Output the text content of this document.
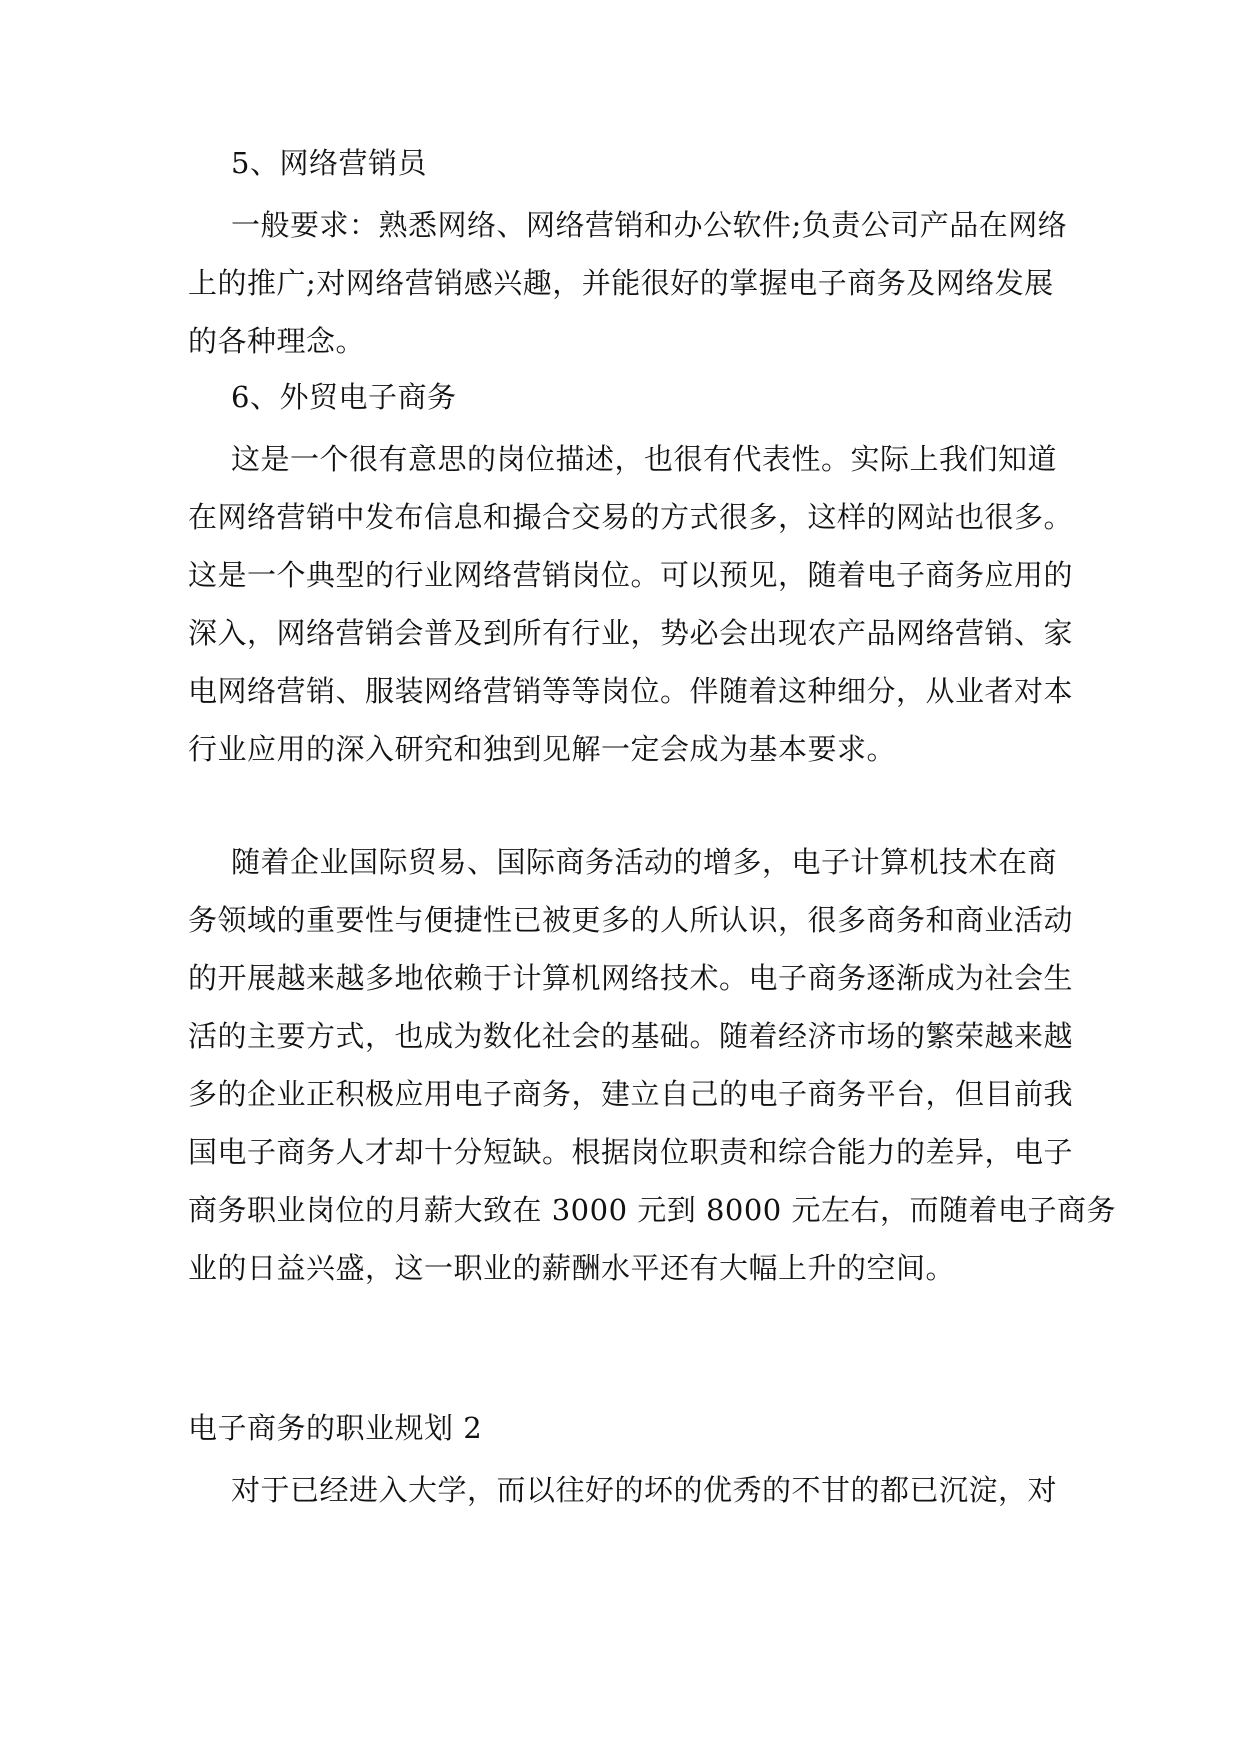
5、网络营销员
一般要求：熟悉网络、网络营销和办公软件;负责公司产品在网络
上的推广;对网络营销感兴趣，并能很好的掌握电子商务及网络发展
的各种理念。
6、外贸电子商务
这是一个很有意思的岗位描述，也很有代表性。实际上我们知道
在网络营销中发布信息和撮合交易的方式很多，这样的网站也很多。
这是一个典型的行业网络营销岗位。可以预见，随着电子商务应用的
深入，网络营销会普及到所有行业，势必会出现农产品网络营销、家
电网络营销、服装网络营销等等岗位。伴随着这种细分，从业者对本
行业应用的深入研究和独到见解一定会成为基本要求。
随着企业国际贸易、国际商务活动的增多，电子计算机技术在商
务领域的重要性与便捷性已被更多的人所认识，很多商务和商业活动
的开展越来越多地依赖于计算机网络技术。电子商务逐渐成为社会生
活的主要方式，也成为数化社会的基础。随着经济市场的繁荣越来越
多的企业正积极应用电子商务，建立自己的电子商务平台，但目前我
国电子商务人才却十分短缺。根据岗位职责和综合能力的差异，电子
商务职业岗位的月薪大致在 3000 元到 8000 元左右，而随着电子商务
业的日益兴盛，这一职业的薪酬水平还有大幅上升的空间。
电子商务的职业规划 2
对于已经进入大学，而以往好的坏的优秀的不甘的都已沉淀，对
